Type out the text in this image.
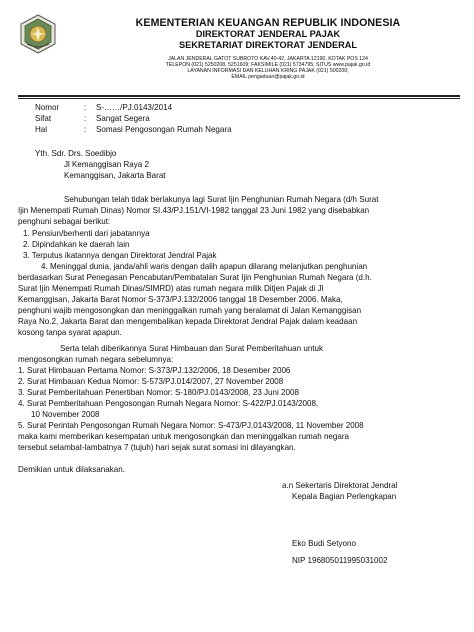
KEMENTERIAN KEUANGAN REPUBLIK INDONESIA
DIREKTORAT JENDERAL PAJAK
SEKRETARIAT DIREKTORAT JENDERAL
JALAN JENDERAL GATOT SUBROTO KAV.40-42, JAKARTA 12190, KOTAK POS 124
TELEPON (021) 5250208, 5251609; FAKSIMILE (021) 5734795; SITUS www.pajak.go.id
LAYANAN INFORMASI DAN KELUHAN KRING PAJAK (021) 500200;
EMAIL pengaduan@pajak.go.id
Nomor	: S-……/PJ.0143/2014
Sifat	: Sangat Segera
Hal	: Somasi Pengosongan Rumah Negara
Yth. Sdr. Drs. Soedibjo
Jl Kemanggisan Raya 2
Kemanggisan, Jakarta Barat
Sehubungan telah tidak berlakunya lagi Surat Ijin Penghunian Rumah Negara (d/h Surat
Ijin Menempati Rumah Dinas) Nomor SI.43/PJ.151/VI-1982 tanggal 23 Juni 1982 yang disebabkan
penghuni sebagai berikut:
1. Pensiun/berhenti dari jabatannya
2. Dipindahkan ke daerah lain
3. Terputus ikatannya dengan Direktorat Jendral Pajak
4. Meninggal dunia, janda/ahli waris dengan dalih apapun dilarang melanjutkan penghunian
berdasarkan Surat Penegasan Pencabutan/Pembatalan Surat Ijin Penghunian Rumah Negara (d.h.
Surat Ijin Menempati Rumah Dinas/SIMRD) atas rumah negara milik Ditjen Pajak di Jl
Kemanggisan, Jakarta Barat Nomor S-373/PJ.132/2006 tanggal 18 Desember 2006. Maka,
penghuni wajib mengosongkan dan meninggalkan rumah yang beralamat di Jalan Kemanggisan
Raya No.2, Jakarta Barat dan mengembalikan kepada Direktorat Jendral Pajak dalam keadaan
kosong tanpa syarat apapun.
Serta telah diberikannya Surat Himbauan dan Surat Pemberitahuan untuk
mengosongkan rumah negara sebelumnya:
1. Surat Himbauan Pertama Nomor: S-373/PJ.132/2006, 18 Desember 2006
2. Surat Himbauan Kedua Nomor: S-573/PJ.014/2007, 27 November 2008
3. Surat Pemberitahuan Penertiban Nomor: S-180/PJ.0143/2008, 23 Juni 2008
4. Surat Pemberitahuan Pengosongan Rumah Negara Nomor: S-422/PJ.0143/2008,
10 November 2008
5. Surat Perintah Pengosongan Rumah Negara Nomor: S-473/PJ.0143/2008, 11 November 2008
maka kami memberikan kesempatan untuk mengosongkan dan meninggalkan rumah negara
tersebut selambat-lambatnya 7 (tujuh) hari sejak surat somasi ini dilayangkan.
Demikian untuk dilaksanakan.
a.n Sekertaris Direktorat Jendral
Kepala Bagian Perlengkapan
Eko Budi Setyono
NIP 196805011995031002
